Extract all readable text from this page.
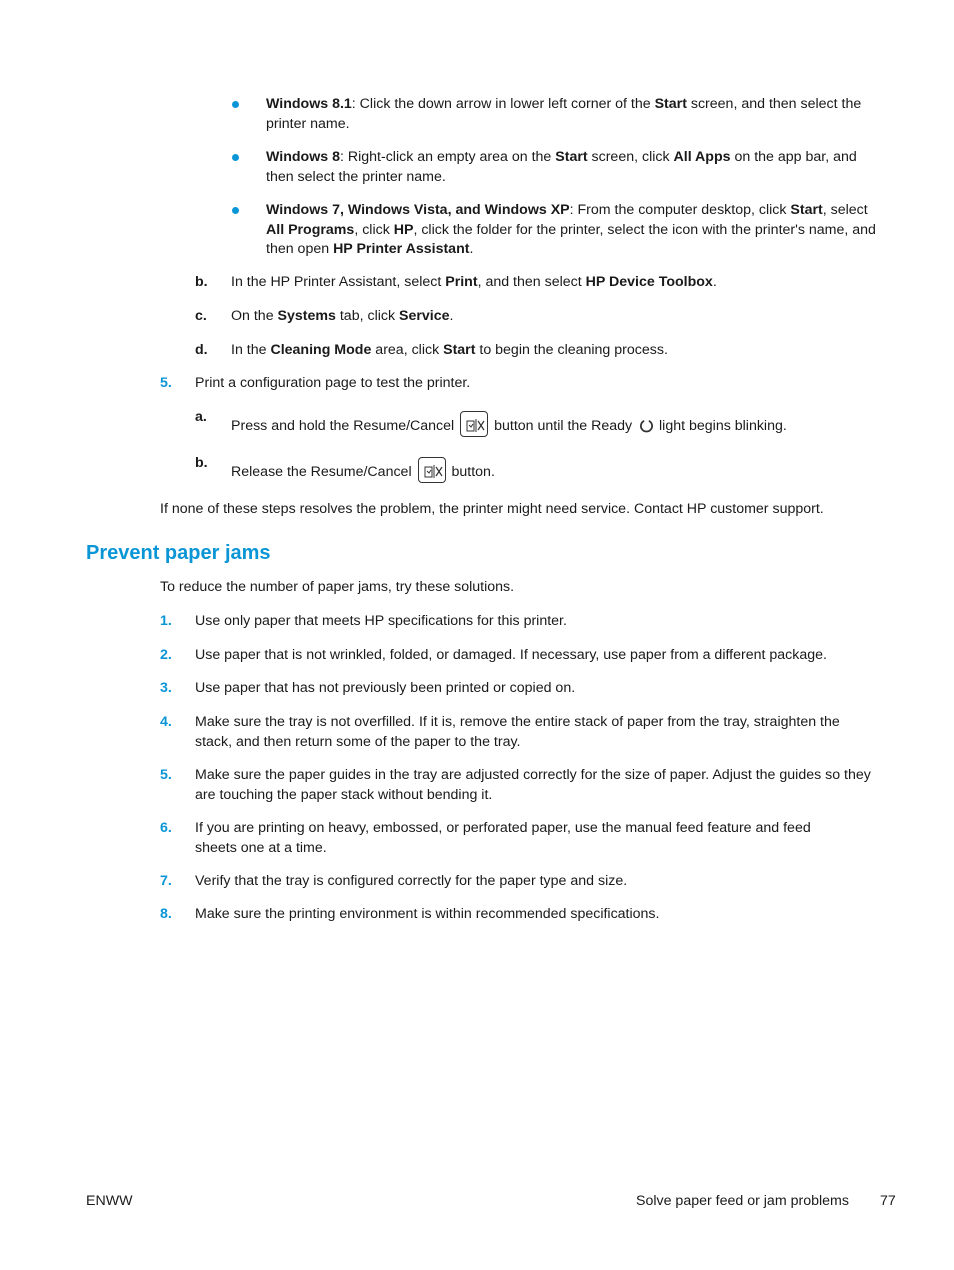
Windows 8.1: Click the down arrow in lower left corner of the Start screen, and then select the printer name.
Windows 8: Right-click an empty area on the Start screen, click All Apps on the app bar, and then select the printer name.
Windows 7, Windows Vista, and Windows XP: From the computer desktop, click Start, select All Programs, click HP, click the folder for the printer, select the icon with the printer's name, and then open HP Printer Assistant.
b. In the HP Printer Assistant, select Print, and then select HP Device Toolbox.
c. On the Systems tab, click Service.
d. In the Cleaning Mode area, click Start to begin the cleaning process.
5. Print a configuration page to test the printer.
a.
Press and hold the Resume/Cancel	button until the Ready light begins blinking.
b.
Release the Resume/Cancel	button.
If none of these steps resolves the problem, the printer might need service. Contact HP customer support.
Prevent paper jams
To reduce the number of paper jams, try these solutions.
1. Use only paper that meets HP specifications for this printer.
2. Use paper that is not wrinkled, folded, or damaged. If necessary, use paper from a different package.
3. Use paper that has not previously been printed or copied on.
4. Make sure the tray is not overfilled. If it is, remove the entire stack of paper from the tray, straighten the stack, and then return some of the paper to the tray.
5. Make sure the paper guides in the tray are adjusted correctly for the size of paper. Adjust the guides so they are touching the paper stack without bending it.
6. If you are printing on heavy, embossed, or perforated paper, use the manual feed feature and feed sheets one at a time.
7. Verify that the tray is configured correctly for the paper type and size.
8. Make sure the printing environment is within recommended specifications.
ENWW	Solve paper feed or jam problems 77
